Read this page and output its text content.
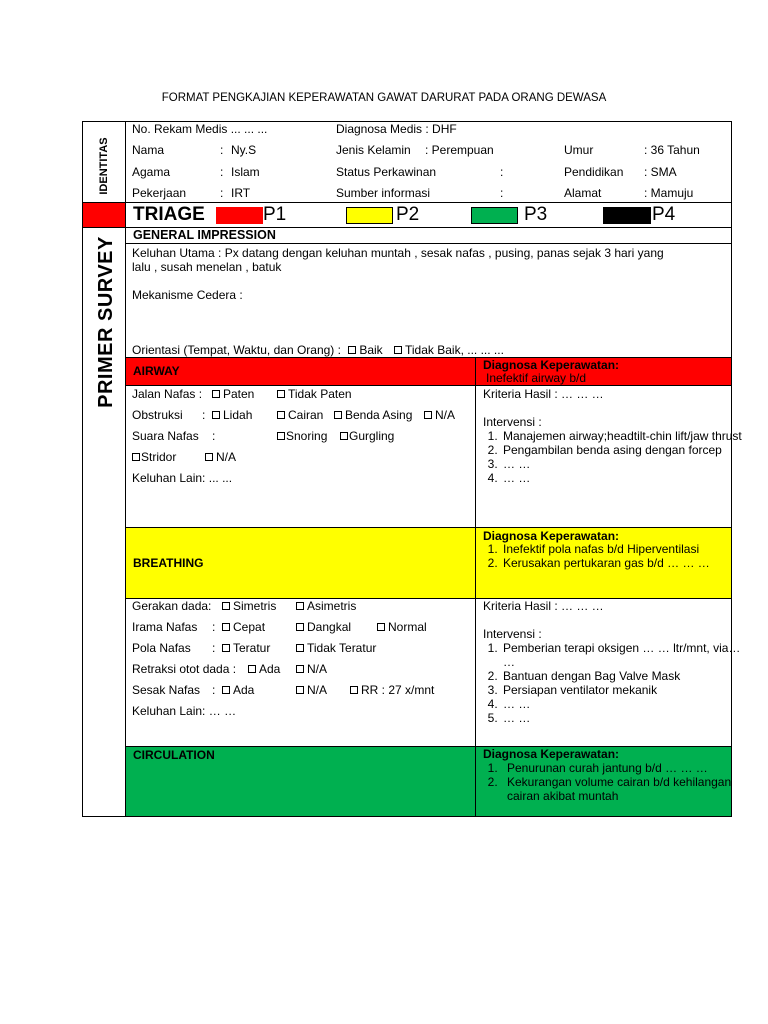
FORMAT PENGKAJIAN KEPERAWATAN GAWAT DARURAT PADA ORANG DEWASA
IDENTITAS
PRIMER SURVEY
No. Rekam Medis ... ... ...	Diagnosa Medis : DHF
Nama	: Ny.S	Jenis Kelamin : Perempuan	Umur	: 36 Tahun
Agama	: Islam	Status Perkawinan	:	Pendidikan : SMA
Pekerjaan	: IRT	Sumber informasi	:	Alamat	: Mamuju
TRIAGE	P1	P2	P3	P4
GENERAL IMPRESSION
Keluhan Utama : Px datang dengan keluhan muntah , sesak nafas , pusing, panas sejak 3 hari yang
lalu , susah menelan , batuk
Mekanisme Cedera :
Orientasi (Tempat, Waktu, dan Orang) : Baik Tidak Baik, ... ... ...
AIRWAY	Diagnosa Keperawatan:
Inefektif airway b/d
Jalan Nafas :	Paten	Tidak Paten
Obstruksi :	Lidah	Cairan	Benda Asing	N/A
Suara Nafas :	Snoring	Gurgling
Stridor	N/A
Keluhan Lain: ... ...
Kriteria Hasil : … … …
Intervensi :
1. Manajemen airway;headtilt-chin lift/jaw thrust
2. Pengambilan benda asing dengan forcep
3. … …
4. … …
BREATHING
Diagnosa Keperawatan:
1. Inefektif pola nafas b/d Hiperventilasi
2. Kerusakan pertukaran gas b/d … … …
Gerakan dada:	Simetris	Asimetris
Irama Nafas :	Cepat	Dangkal	Normal
Pola Nafas :	Teratur	Tidak Teratur
Retraksi otot dada :	Ada	N/A
Sesak Nafas :	Ada	N/A	RR : 27 x/mnt
Keluhan Lain: … …
Kriteria Hasil : … … …
Intervensi :
1. Pemberian terapi oksigen … … ltr/mnt, via… …
2. Bantuan dengan Bag Valve Mask
3. Persiapan ventilator mekanik
4. … …
5. … …
CIRCULATION	Diagnosa Keperawatan:
1. Penurunan curah jantung b/d … … …
2. Kekurangan volume cairan b/d kehilangan cairan akibat muntah
